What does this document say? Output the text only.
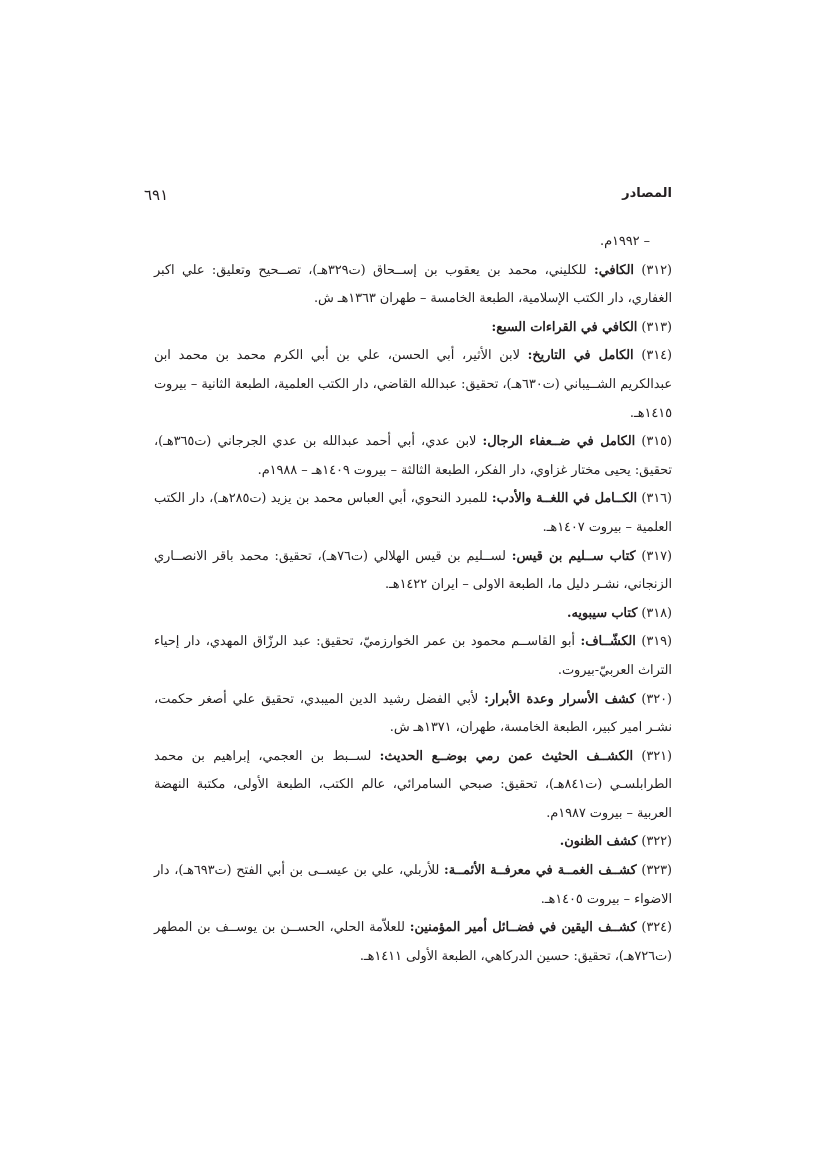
المصادر
٦٩١

– ١٩٩٢م.

(٣١٢) الكافي: للكليني، محمد بن يعقوب بن إســحاق (ت٣٢٩هـ)، تصــحيح وتعليق: علي اكبر الغفاري، دار الكتب الإسلامية، الطبعة الخامسة – طهران ١٣٦٣هـ ش.

(٣١٣) الكافي في القراءات السبع:

(٣١٤) الكامل في التاريخ: لابن الأثير، أبي الحسن، علي بن أبي الكرم محمد بن محمد ابن عبدالكريم الشــيباني (ت٦٣٠هـ)، تحقيق: عبدالله القاضي، دار الكتب العلمية، الطبعة الثانية – بيروت ١٤١٥هـ.

(٣١٥) الكامل في ضــعفاء الرجال: لابن عدي، أبي أحمد عبدالله بن عدي الجرجاني (ت٣٦٥هـ)، تحقيق: يحيى مختار غزاوي، دار الفكر، الطبعة الثالثة – بيروت ١٤٠٩هـ – ١٩٨٨م.

(٣١٦) الكــامل في اللغــة والأدب: للمبرد النحوي، أبي العباس محمد بن يزيد (ت٢٨٥هـ)، دار الكتب العلمية – بيروت ١٤٠٧هـ.

(٣١٧) كتاب ســليم بن قيس: لســليم بن قيس الهلالي (ت٧٦هـ)، تحقيق: محمد باقر الانصــاري الزنجاني، نشـر دليل ما، الطبعة الاولى – ايران ١٤٢٢هـ.

(٣١٨) كتاب سيبويه.

(٣١٩) الكشّــاف: أبو القاســم محمود بن عمر الخوارزميّ، تحقيق: عبد الرزّاق المهدي، دار إحياء التراث العربيّ-بيروت.

(٣٢٠) كشف الأسرار وعدة الأبرار: لأبي الفضل رشيد الدين الميبدي، تحقيق علي أصغر حكمت، نشـر امير كبير، الطبعة الخامسة، طهران، ١٣٧١هـ ش.

(٣٢١) الكشــف الحثيث عمن رمي بوضــع الحديث: لســبط بن العجمي، إبراهيم بن محمد الطرابلسـي (ت٨٤١هـ)، تحقيق: صبحي السامرائي، عالم الكتب، الطبعة الأولى، مكتبة النهضة العربية – بيروت ١٩٨٧م.

(٣٢٢) كشف الظنون.

(٣٢٣) كشــف الغمــة في معرفــة الأئمــة: للأربلي، علي بن عيســى بن أبي الفتح (ت٦٩٣هـ)، دار الاضواء – بيروت ١٤٠٥هـ.

(٣٢٤) كشــف اليقين في فضــائل أمير المؤمنين: للعلاّمة الحلي، الحســن بن يوســف بن المطهر (ت٧٢٦هـ)، تحقيق: حسين الدركاهي، الطبعة الأولى ١٤١١هـ.
